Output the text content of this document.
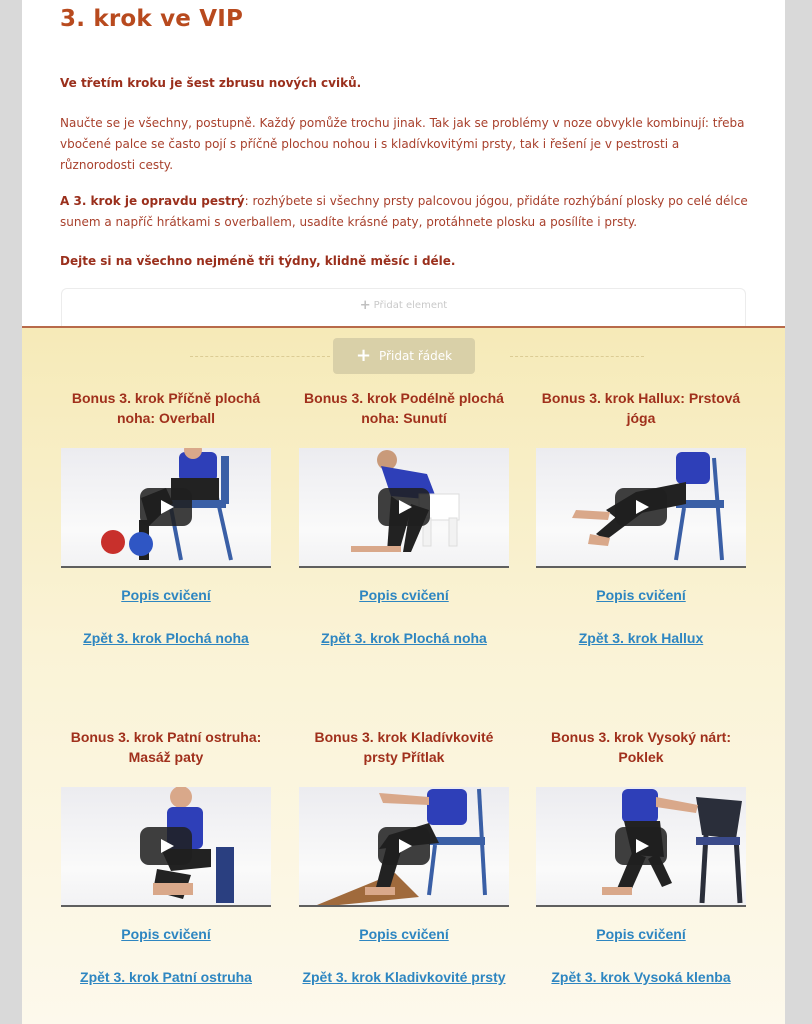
3. krok ve VIP

Ve třetím kroku je šest zbrusu nových cviků.

Naučte se je všechny, postupně. Každý pomůže trochu jinak. Tak jak se problémy v noze obvykle kombinují: třeba vbočené palce se často pojí s příčně plochou nohou i s kladívkovitými prsty, tak i řešení je v pestrosti a různorodosti cesty.

A 3. krok je opravdu pestrý: rozhýbete si všechny prsty palcovou jógou, přidáte rozhýbání plosky po celé délce sunem a napříč hrátkami s overballem, usadíte krásné paty, protáhnete plosku a posílíte i prsty.

Dejte si na všechno nejméně tři týdny, klidně měsíc i déle.

+ Přidat element
+ Přidat řádek
Bonus 3. krok Příčně plochá noha: Overball
Popis cvičení
Zpět 3. krok Plochá noha
Bonus 3. krok Podélně plochá noha: Sunutí
Popis cvičení
Zpět 3. krok Plochá noha
Bonus 3. krok Hallux: Prstová jóga
Popis cvičení
Zpět 3. krok Hallux
Bonus 3. krok Patní ostruha: Masáž paty
Popis cvičení
Zpět 3. krok Patní ostruha
Bonus 3. krok Kladívkovité prsty Přítlak
Popis cvičení
Zpět 3. krok Kladivkovité prsty
Bonus 3. krok Vysoký nárt: Poklek
Popis cvičení
Zpět 3. krok Vysoká klenba
